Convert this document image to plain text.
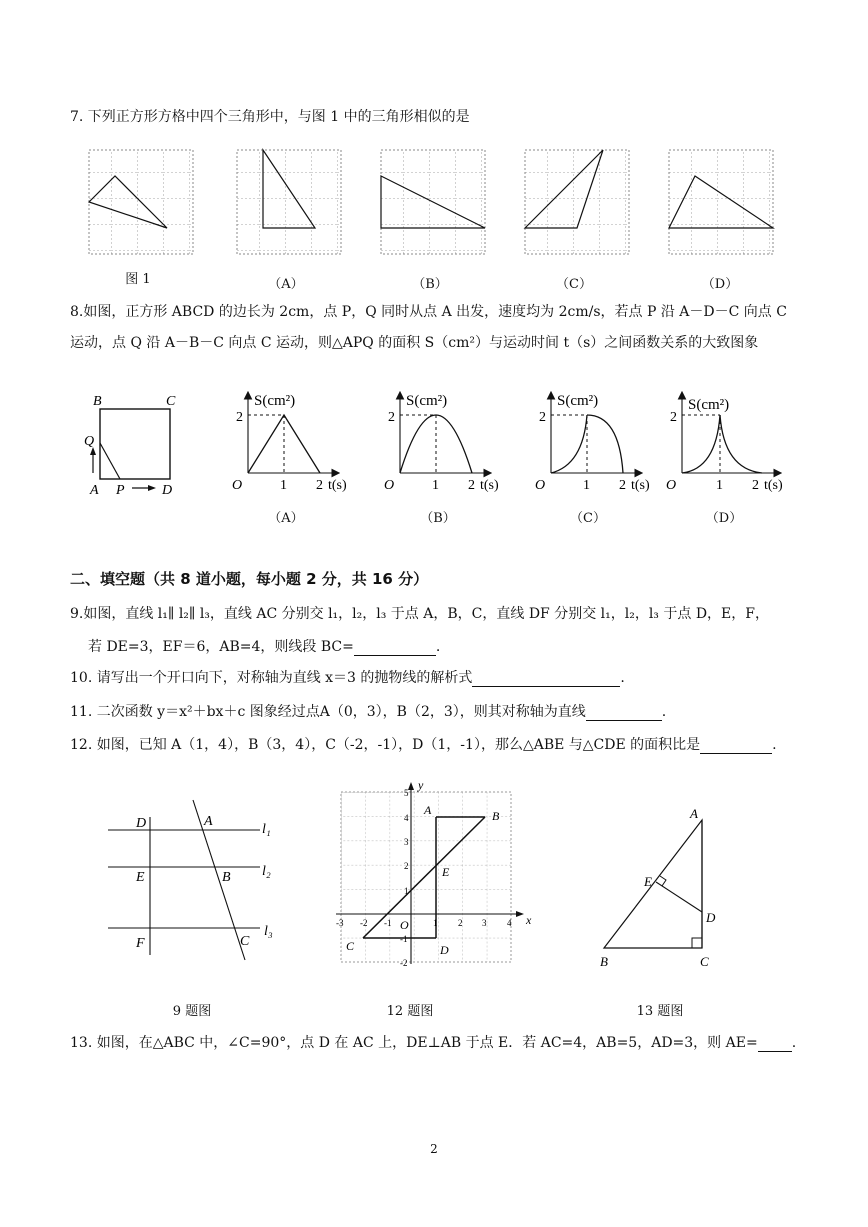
7. 下列正方形方格中四个三角形中，与图 1 中的三角形相似的是
图 1	（A）	（B）	（C）	（D）
8.如图，正方形 ABCD 的边长为 2cm，点 P，Q 同时从点 A 出发，速度均为 2cm/s，若点 P 沿 A－D－C 向点 C
运动，点 Q 沿 A－B－C 向点 C 运动，则△APQ 的面积 S（cm²）与运动时间 t（s）之间函数关系的大致图象
B	C
Q
A P	D
S(cm²)
2
O	1 2 t(s)
S(cm²)
2
O	1 2 t(s)
S(cm²)
2
O	1 2 t(s)
S(cm²)
2
O	1 2 t(s)
（A）	（B）	（C）	（D）
二、填空题（共 8 道小题，每小题 2 分，共 16 分）
9.如图，直线 l₁∥ l₂∥ l₃，直线 AC 分别交 l₁，l₂，l₃ 于点 A，B，C，直线 DF 分别交 l₁，l₂，l₃ 于点 D，E，F，
若 DE=3，EF＝6，AB=4，则线段 BC=	.
10. 请写出一个开口向下，对称轴为直线 x＝3 的抛物线的解析式	.
11. 二次函数 y＝x²＋bx＋c 图象经过点A（0，3），B（2，3），则其对称轴为直线	.
12. 如图，已知 A（1，4），B（3，4），C（-2，-1），D（1，-1），那么△ABE 与△CDE 的面积比是	.
D	A
l₁
E	B l₂
F	C
l₃
9 题图
y
x
O
A	B
C	D
E
5
4
3
2
1
-1
-2
-3 -2 -1	1 2 3 4
12 题图
A
E
D
B	C
13 题图
13. 如图，在△ABC 中，∠C=90°，点 D 在 AC 上，DE⊥AB 于点 E．若 AC=4，AB=5，AD=3，则 AE= .
2
